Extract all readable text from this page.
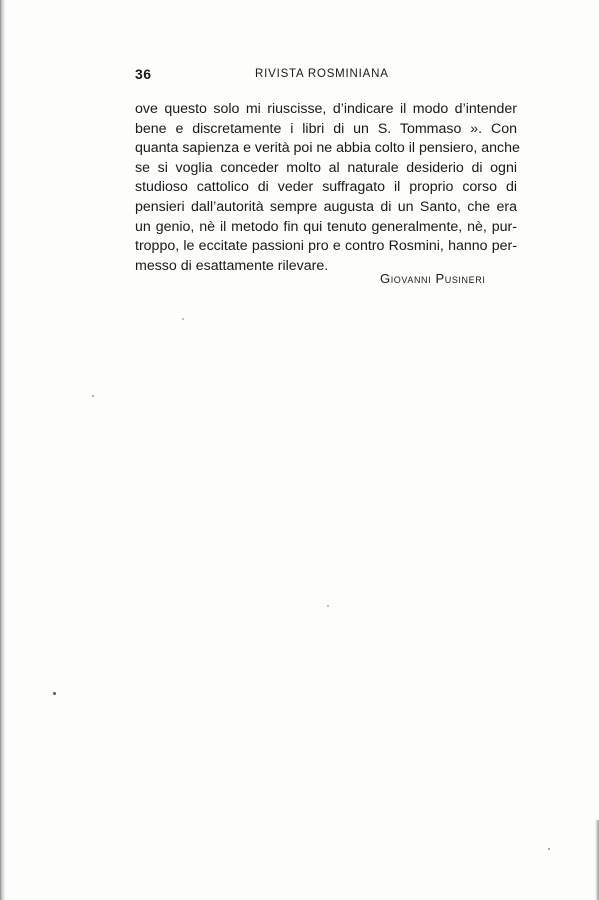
36	RIVISTA ROSMINIANA
ove questo solo mi riuscisse, d’indicare il modo d’intender
bene e discretamente i libri di un S. Tommaso ». Con
quanta sapienza e verità poi ne abbia colto il pensiero, anche
se si voglia conceder molto al naturale desiderio di ogni
studioso cattolico di veder suffragato il proprio corso di
pensieri dall’autorità sempre augusta di un Santo, che era
un genio, nè il metodo fin qui tenuto generalmente, nè, pur-
troppo, le eccitate passioni pro e contro Rosmini, hanno per-
messo di esattamente rilevare.
Giovanni Pusineri
